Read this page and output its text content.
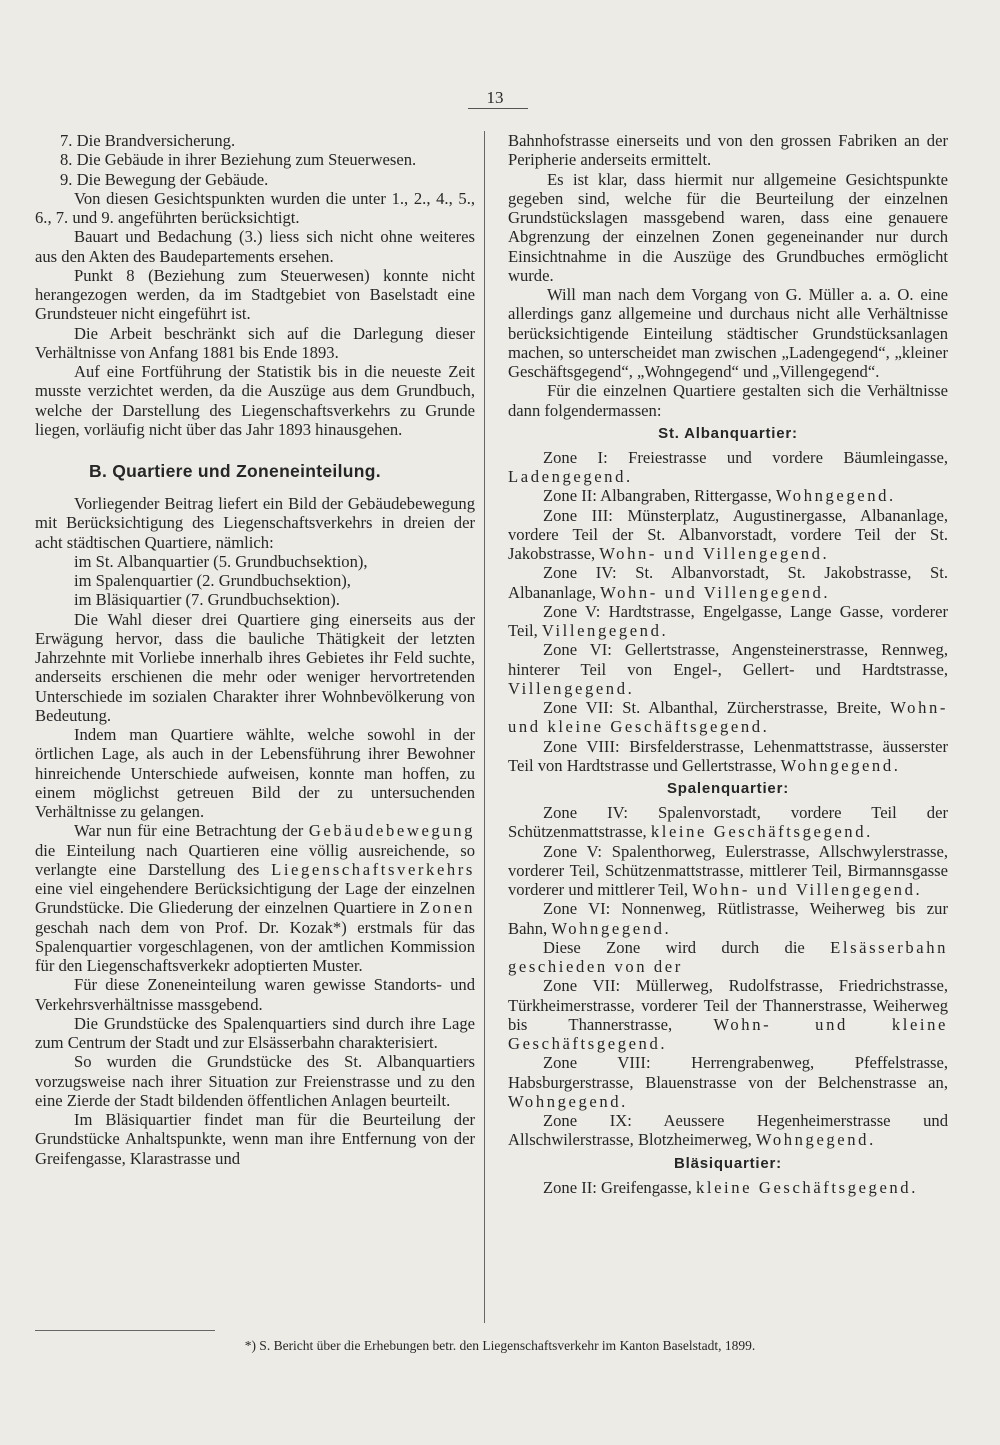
13

7. Die Brandversicherung.

8. Die Gebäude in ihrer Beziehung zum Steuerwesen.

9. Die Bewegung der Gebäude.

Von diesen Gesichtspunkten wurden die unter 1., 2., 4., 5., 6., 7. und 9. angeführten berücksichtigt.

Bauart und Bedachung (3.) liess sich nicht ohne weiteres aus den Akten des Baudepartements ersehen.

Punkt 8 (Beziehung zum Steuerwesen) konnte nicht herangezogen werden, da im Stadtgebiet von Baselstadt eine Grundsteuer nicht eingeführt ist.

Die Arbeit beschränkt sich auf die Darlegung dieser Verhältnisse von Anfang 1881 bis Ende 1893.

Auf eine Fortführung der Statistik bis in die neueste Zeit musste verzichtet werden, da die Auszüge aus dem Grundbuch, welche der Darstellung des Liegenschaftsverkehrs zu Grunde liegen, vorläufig nicht über das Jahr 1893 hinausgehen.

B. Quartiere und Zoneneinteilung.

Vorliegender Beitrag liefert ein Bild der Gebäudebewegung mit Berücksichtigung des Liegenschaftsverkehrs in dreien der acht städtischen Quartiere, nämlich:

im St. Albanquartier (5. Grundbuchsektion),

im Spalenquartier (2. Grundbuchsektion),

im Bläsiquartier (7. Grundbuchsektion).

Die Wahl dieser drei Quartiere ging einerseits aus der Erwägung hervor, dass die bauliche Thätigkeit der letzten Jahrzehnte mit Vorliebe innerhalb ihres Gebietes ihr Feld suchte, anderseits erschienen die mehr oder weniger hervortretenden Unterschiede im sozialen Charakter ihrer Wohnbevölkerung von Bedeutung.

Indem man Quartiere wählte, welche sowohl in der örtlichen Lage, als auch in der Lebensführung ihrer Bewohner hinreichende Unterschiede aufweisen, konnte man hoffen, zu einem möglichst getreuen Bild der zu untersuchenden Verhältnisse zu gelangen.

War nun für eine Betrachtung der Gebäudebewegung die Einteilung nach Quartieren eine völlig ausreichende, so verlangte eine Darstellung des Liegenschaftsverkehrs eine viel eingehendere Berücksichtigung der Lage der einzelnen Grundstücke. Die Gliederung der einzelnen Quartiere in Zonen geschah nach dem von Prof. Dr. Kozak*) erstmals für das Spalenquartier vorgeschlagenen, von der amtlichen Kommission für den Liegenschaftsverkekr adoptierten Muster.

Für diese Zoneneinteilung waren gewisse Standorts- und Verkehrsverhältnisse massgebend.

Die Grundstücke des Spalenquartiers sind durch ihre Lage zum Centrum der Stadt und zur Elsässerbahn charakterisiert.

So wurden die Grundstücke des St. Albanquartiers vorzugsweise nach ihrer Situation zur Freienstrasse und zu den eine Zierde der Stadt bildenden öffentlichen Anlagen beurteilt.

Im Bläsiquartier findet man für die Beurteilung der Grundstücke Anhaltspunkte, wenn man ihre Entfernung von der Greifengasse, Klarastrasse und

Bahnhofstrasse einerseits und von den grossen Fabriken an der Peripherie anderseits ermittelt.

Es ist klar, dass hiermit nur allgemeine Gesichtspunkte gegeben sind, welche für die Beurteilung der einzelnen Grundstückslagen massgebend waren, dass eine genauere Abgrenzung der einzelnen Zonen gegeneinander nur durch Einsichtnahme in die Auszüge des Grundbuches ermöglicht wurde.

Will man nach dem Vorgang von G. Müller a. a. O. eine allerdings ganz allgemeine und durchaus nicht alle Verhältnisse berücksichtigende Einteilung städtischer Grundstücksanlagen machen, so unterscheidet man zwischen „Ladengegend“, „kleiner Geschäftsgegend“, „Wohngegend“ und „Villengegend“.

Für die einzelnen Quartiere gestalten sich die Verhältnisse dann folgendermassen:

St. Albanquartier:

Zone I: Freiestrasse und vordere Bäumleingasse, Ladengegend.

Zone II: Albangraben, Rittergasse, Wohngegend.

Zone III: Münsterplatz, Augustinergasse, Albananlage, vordere Teil der St. Albanvorstadt, vordere Teil der St. Jakobstrasse, Wohn- und Villengegend.

Zone IV: St. Albanvorstadt, St. Jakobstrasse, St. Albananlage, Wohn- und Villengegend.

Zone V: Hardtstrasse, Engelgasse, Lange Gasse, vorderer Teil, Villengegend.

Zone VI: Gellertstrasse, Angensteinerstrasse, Rennweg, hinterer Teil von Engel-, Gellert- und Hardtstrasse, Villengegend.

Zone VII: St. Albanthal, Zürcherstrasse, Breite, Wohn- und kleine Geschäftsgegend.

Zone VIII: Birsfelderstrasse, Lehenmattstrasse, äusserster Teil von Hardtstrasse und Gellertstrasse, Wohngegend.

Spalenquartier:

Zone IV: Spalenvorstadt, vordere Teil der Schützenmattstrasse, kleine Geschäftsgegend.

Zone V: Spalenthorweg, Eulerstrasse, Allschwylerstrasse, vorderer Teil, Schützenmattstrasse, mittlerer Teil, Birmannsgasse vorderer und mittlerer Teil, Wohn- und Villengegend.

Zone VI: Nonnenweg, Rütlistrasse, Weiherweg bis zur Bahn, Wohngegend.

Diese Zone wird durch die Elsässerbahn geschieden von der

Zone VII: Müllerweg, Rudolfstrasse, Friedrichstrasse, Türkheimerstrasse, vorderer Teil der Thannerstrasse, Weiherweg bis Thannerstrasse, Wohn- und kleine Geschäftsgegend.

Zone VIII: Herrengrabenweg, Pfeffelstrasse, Habsburgerstrasse, Blauenstrasse von der Belchenstrasse an, Wohngegend.

Zone IX: Aeussere Hegenheimerstrasse und Allschwilerstrasse, Blotzheimerweg, Wohngegend.

Bläsiquartier:

Zone II: Greifengasse, kleine Geschäftsgegend.

*) S. Bericht über die Erhebungen betr. den Liegenschaftsverkehr im Kanton Baselstadt, 1899.
